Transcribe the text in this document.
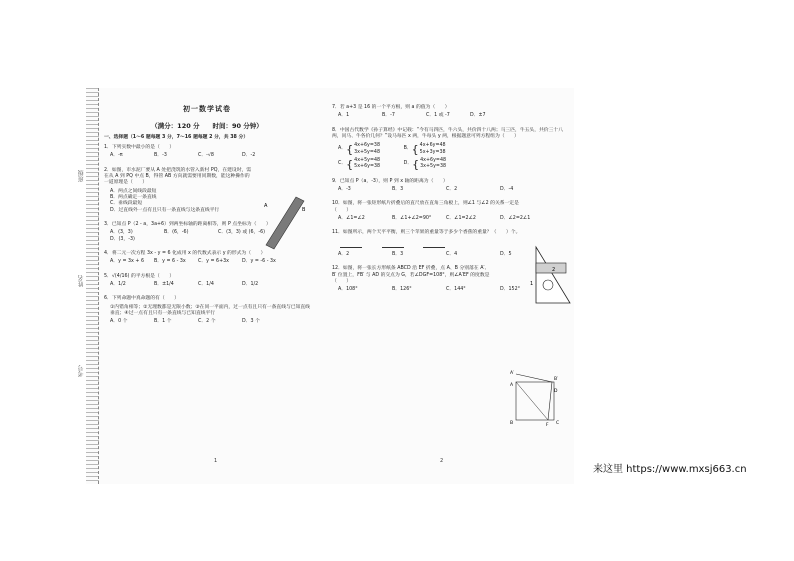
班级
姓名
考号
初一数学试卷
（满分：120 分　　时间：90 分钟）
一、选择题（1～6 题每题 3 分，7～16 题每题 2 分，共 38 分）
1．下列实数中最小的是（　　）
A．-π	B．-3	C．-√8	D．-2
2．如图，市水泥厂要从 A 处把浇筑的水管入新村 PQ，在建设时，需在从 A 到 PQ 中点 B，得管 AB 方向就需要用同期数，能这种操作的一道原理是（　　）
A．两点之间线段最短
B．两点确定一条直线
C．垂线段最短
D．过直线外一点有且只有一条直线与这条直线平行
3．已知点 P（2 - a，3a+6）到两坐标轴的距离相等，则 P 点坐标为（　　）
A．(3，3)	B．(6，-6)	C．(3，3) 或 (6，-6)
D．(3，-3)
4．将二元一次方程 3x - y = 6 化成用 x 的代数式表示 y 的形式为（　　）
A．y = 3x + 6	B．y = 6 - 3x	C．y = 6+3x	D．y = -6 - 3x
5．√(4/16) 的平方根是（　　）
A．1/2	B．±1/4	C．1/4	D．1/2
6．下列命题中真命题的有（　　）
①内错角相等；②无理数都是无限小数；③在同一平面内，过一点有且只有一条直线与已知直线垂直；④过一点有且只有一条直线与已知直线平行
A．0 个	B．1 个	C．2 个	D．3 个
A
B
1
7．若 a+3 是 16 的一个平方根，则 a 的值为（　　）
A．1	B．-7	C．1 或 -7	D．±7
8．中国古代数学《孙子算经》中记载：“今有马四匹，牛六头，共价四十八两；马三匹，牛五头，共价三十八两，问马、牛各价几何？”设马每匹 x 两，牛每头 y 两，根据题意可列方程组为（　　）
A． { 4x+6y=38
3x+5y=48

B． { 4x+6y=48
5x+3y=38
C． { 4x+5y=48
5x+6y=38

D． { 4x+6y=48
3x+5y=38
9．已知点 P（a，-3），则 P 到 x 轴的距离为（　　）
A．-3	B．3	C．2	D．-4
10．如图，将一张矩形纸片折叠后的直尺放在直角三角板上，则∠1 与∠2 的关系一定是（　　）
A．∠1=∠2	B．∠1+∠2=90°	C．∠1=2∠2	D．∠2=2∠1
11．如图所示，两个天平平衡，则三个苹果的重量等于多少个香蕉的重量？（　　）个。

A．2	B．3	C．4	D．5
12．如图，将一张长方形纸条 ABCD 沿 EF 折叠，点 A、B 分别落在 A′、B′ 位置上，FB′ 与 AD 的交点为 G，若∠DGF=108°，则∠A′EF 的度数是（　　）
A．108°	B．126°	C．144°	D．152°
1
2
A′
B′
A
D
B	F C
2
来这里 https://www.mxsj663.cn
